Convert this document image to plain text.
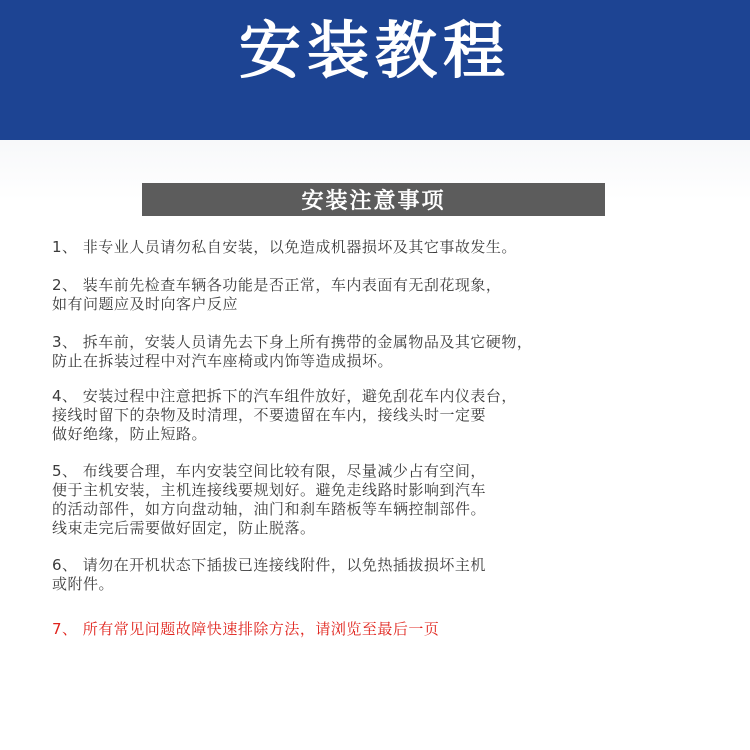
安装教程
安装注意事项
1、 非专业人员请勿私自安装，以免造成机器损坏及其它事故发生。
2、 装车前先检查车辆各功能是否正常，车内表面有无刮花现象，
如有问题应及时向客户反应
3、 拆车前，安装人员请先去下身上所有携带的金属物品及其它硬物，
防止在拆装过程中对汽车座椅或内饰等造成损坏。
4、 安装过程中注意把拆下的汽车组件放好，避免刮花车内仪表台，
接线时留下的杂物及时清理，不要遗留在车内，接线头时一定要
做好绝缘，防止短路。
5、 布线要合理，车内安装空间比较有限，尽量减少占有空间，
便于主机安装，主机连接线要规划好。避免走线路时影响到汽车
的活动部件，如方向盘动轴，油门和刹车踏板等车辆控制部件。
线束走完后需要做好固定，防止脱落。
6、 请勿在开机状态下插拔已连接线附件，以免热插拔损坏主机
或附件。
7、 所有常见问题故障快速排除方法，请浏览至最后一页
